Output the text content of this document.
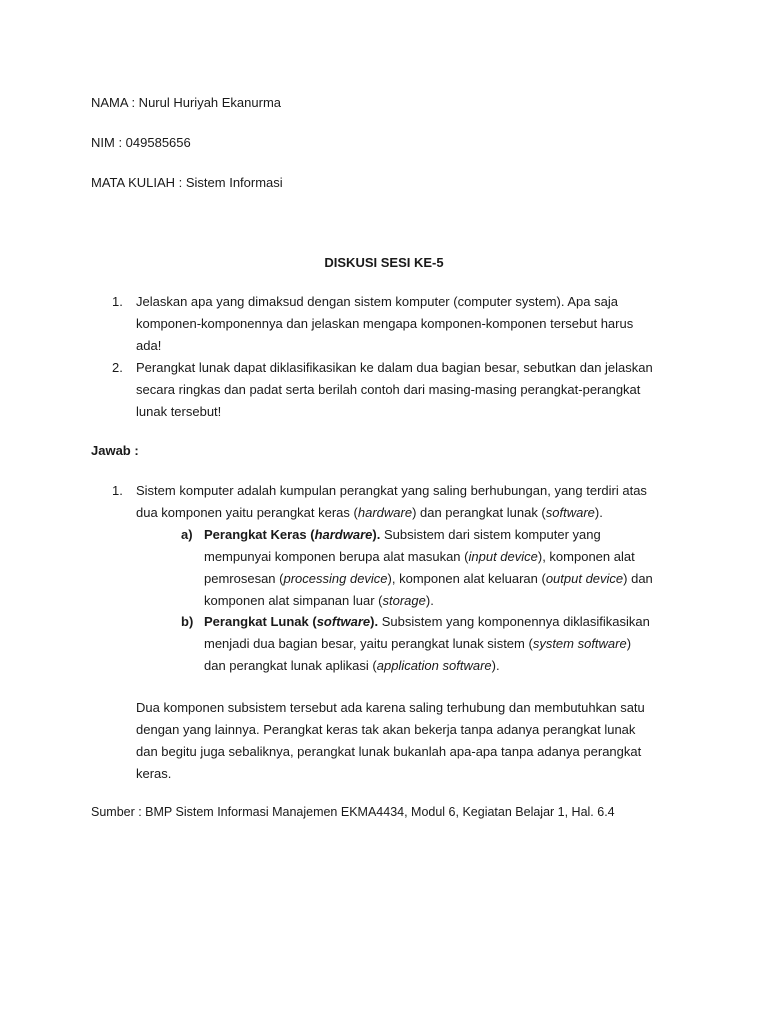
NAMA : Nurul Huriyah Ekanurma
NIM : 049585656
MATA KULIAH : Sistem Informasi
DISKUSI SESI KE-5
1. Jelaskan apa yang dimaksud dengan sistem komputer (computer system). Apa saja
komponen-komponennya dan jelaskan mengapa komponen-komponen tersebut harus
ada!
2. Perangkat lunak dapat diklasifikasikan ke dalam dua bagian besar, sebutkan dan jelaskan
secara ringkas dan padat serta berilah contoh dari masing-masing perangkat-perangkat
lunak tersebut!
Jawab :
1. Sistem komputer adalah kumpulan perangkat yang saling berhubungan, yang terdiri atas
dua komponen yaitu perangkat keras (hardware) dan perangkat lunak (software).
a) Perangkat Keras (hardware). Subsistem dari sistem komputer yang
mempunyai komponen berupa alat masukan (input device), komponen alat
pemrosesan (processing device), komponen alat keluaran (output device) dan
komponen alat simpanan luar (storage).
b) Perangkat Lunak (software). Subsistem yang komponennya diklasifikasikan
menjadi dua bagian besar, yaitu perangkat lunak sistem (system software)
dan perangkat lunak aplikasi (application software).
Dua komponen subsistem tersebut ada karena saling terhubung dan membutuhkan satu
dengan yang lainnya. Perangkat keras tak akan bekerja tanpa adanya perangkat lunak
dan begitu juga sebaliknya, perangkat lunak bukanlah apa-apa tanpa adanya perangkat
keras.
Sumber : BMP Sistem Informasi Manajemen EKMA4434, Modul 6, Kegiatan Belajar 1, Hal. 6.4
